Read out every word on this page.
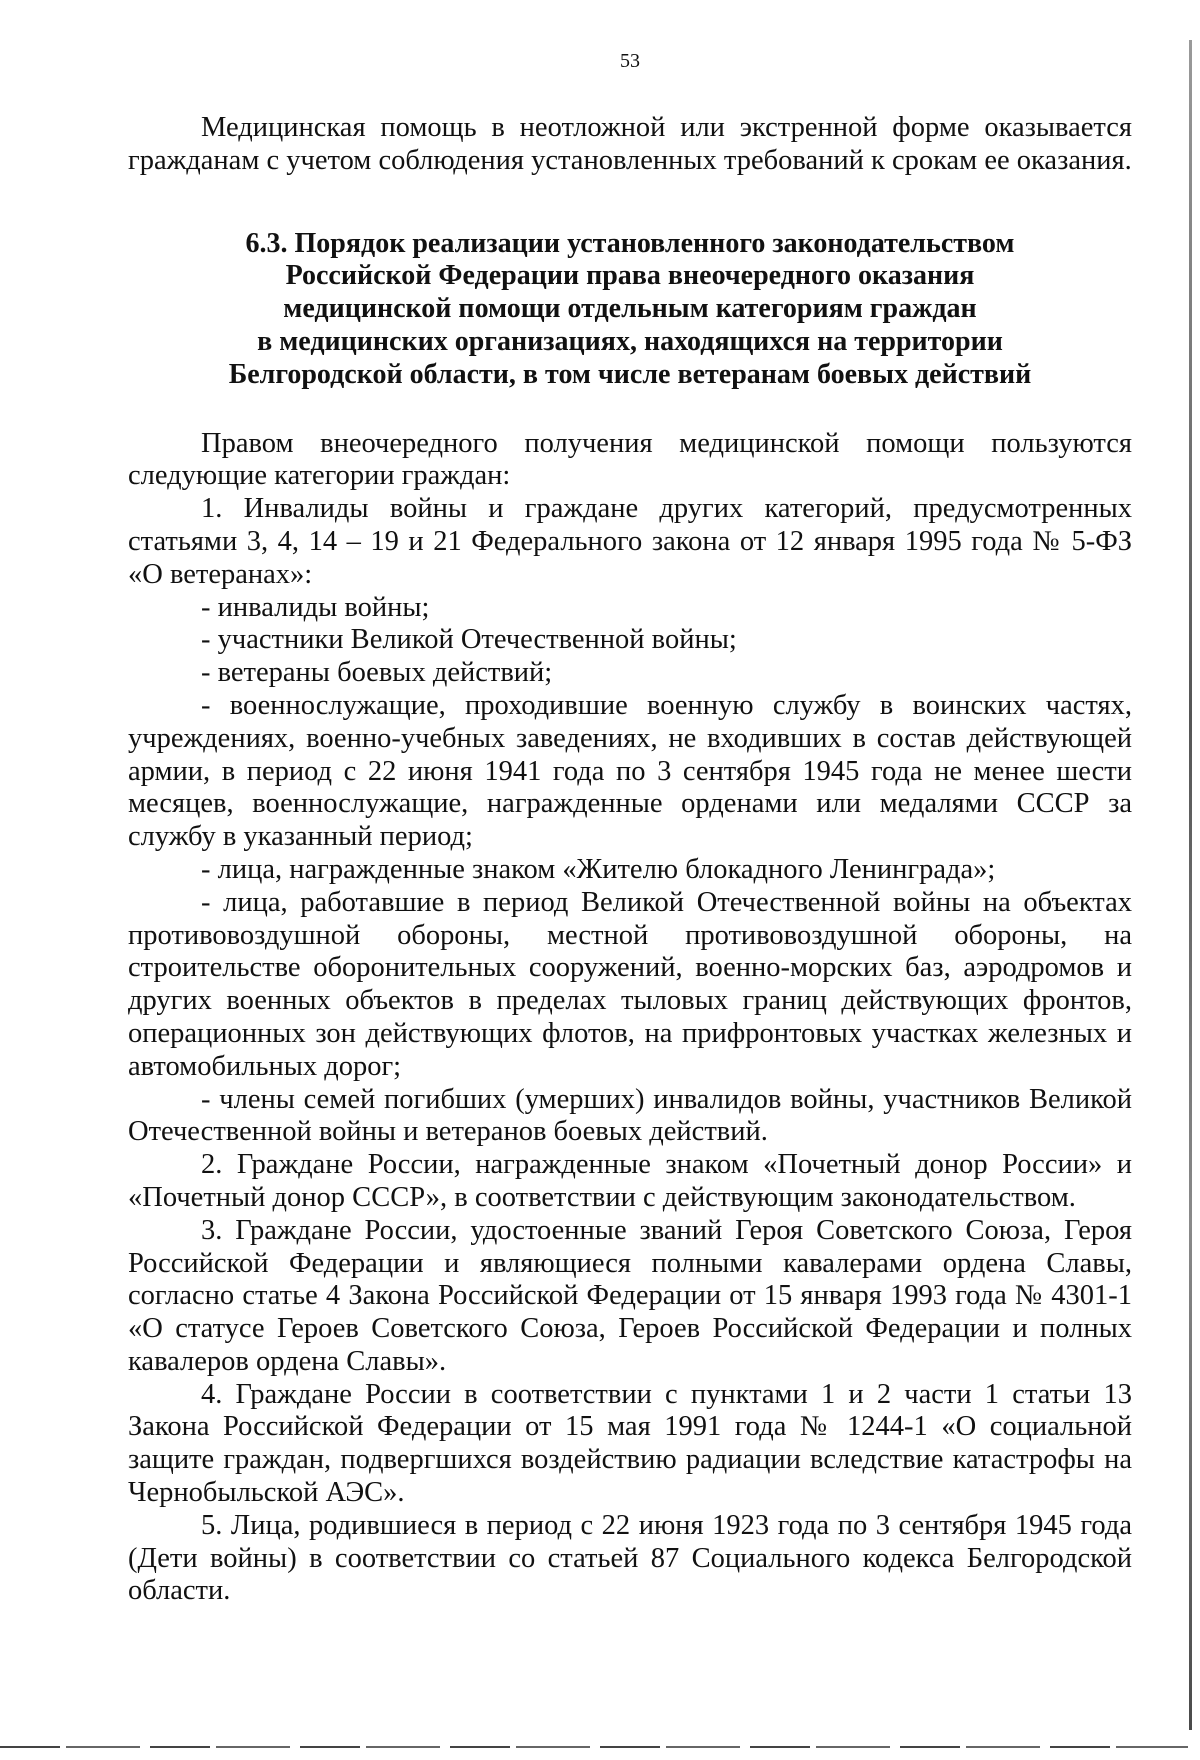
53

Медицинская помощь в неотложной или экстренной форме оказывается гражданам с учетом соблюдения установленных требований к срокам ее оказания.

6.3. Порядок реализации установленного законодательством
Российской Федерации права внеочередного оказания
медицинской помощи отдельным категориям граждан
в медицинских организациях, находящихся на территории
Белгородской области, в том числе ветеранам боевых действий

Правом внеочередного получения медицинской помощи пользуются следующие категории граждан:

1. Инвалиды войны и граждане других категорий, предусмотренных статьями 3, 4, 14 – 19 и 21 Федерального закона от 12 января 1995 года № 5-ФЗ «О ветеранах»:

- инвалиды войны;

- участники Великой Отечественной войны;

- ветераны боевых действий;

- военнослужащие, проходившие военную службу в воинских частях, учреждениях, военно-учебных заведениях, не входивших в состав действующей армии, в период с 22 июня 1941 года по 3 сентября 1945 года не менее шести месяцев, военнослужащие, награжденные орденами или медалями СССР за службу в указанный период;

- лица, награжденные знаком «Жителю блокадного Ленинграда»;

- лица, работавшие в период Великой Отечественной войны на объектах противовоздушной обороны, местной противовоздушной обороны, на строительстве оборонительных сооружений, военно-морских баз, аэродромов и других военных объектов в пределах тыловых границ действующих фронтов, операционных зон действующих флотов, на прифронтовых участках железных и автомобильных дорог;

- члены семей погибших (умерших) инвалидов войны, участников Великой Отечественной войны и ветеранов боевых действий.

2. Граждане России, награжденные знаком «Почетный донор России» и «Почетный донор СССР», в соответствии с действующим законодательством.

3. Граждане России, удостоенные званий Героя Советского Союза, Героя Российской Федерации и являющиеся полными кавалерами ордена Славы, согласно статье 4 Закона Российской Федерации от 15 января 1993 года № 4301-1 «О статусе Героев Советского Союза, Героев Российской Федерации и полных кавалеров ордена Славы».

4. Граждане России в соответствии с пунктами 1 и 2 части 1 статьи 13 Закона Российской Федерации от 15 мая 1991 года № 1244-1 «О социальной защите граждан, подвергшихся воздействию радиации вследствие катастрофы на Чернобыльской АЭС».

5. Лица, родившиеся в период с 22 июня 1923 года по 3 сентября 1945 года (Дети войны) в соответствии со статьей 87 Социального кодекса Белгородской области.
